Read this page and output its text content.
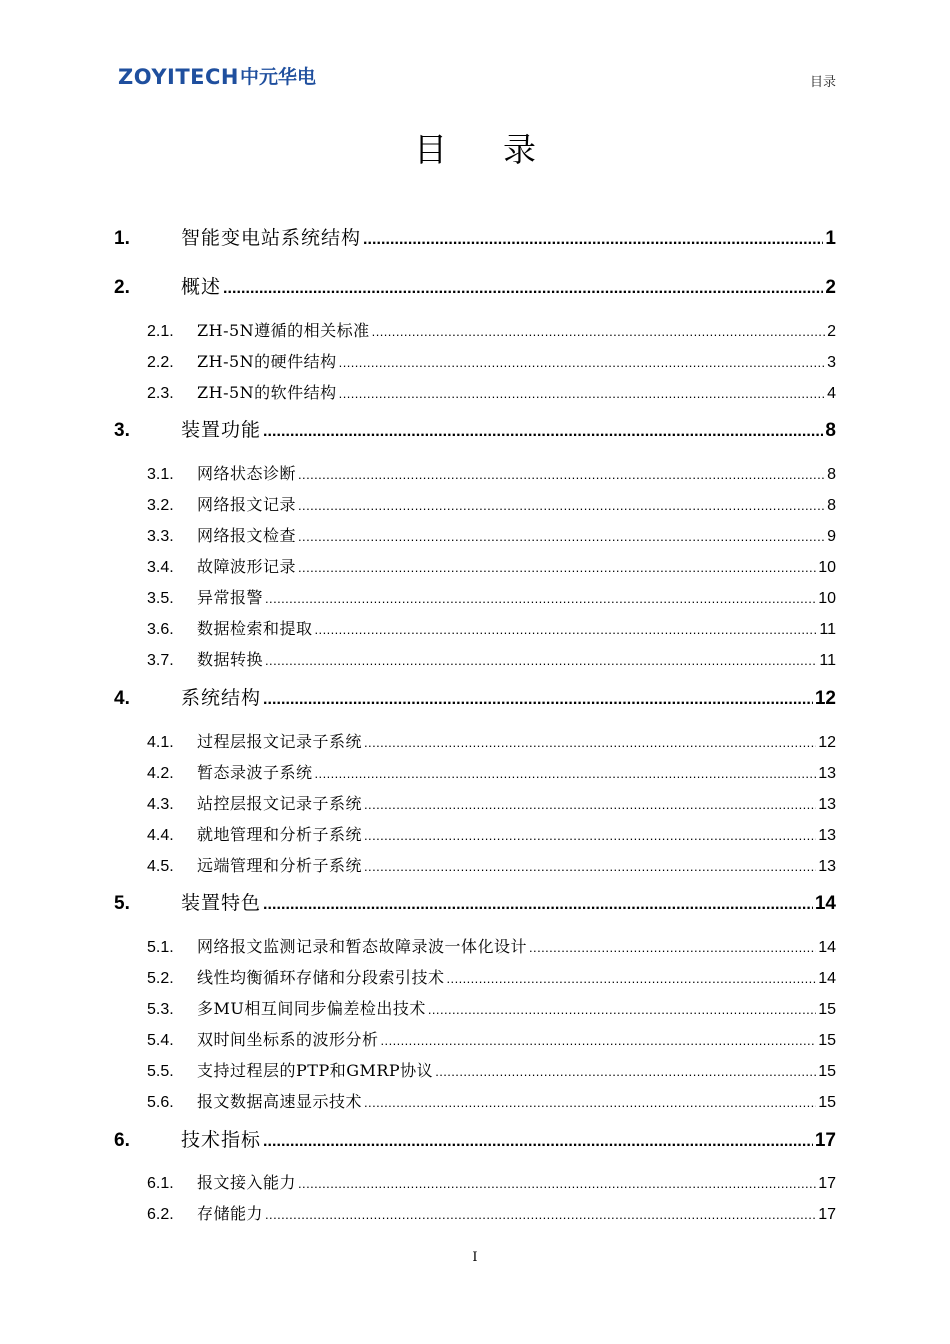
ZOYITECH 中元华电	目录
目 录
1.	智能变电站系统结构 . . .	1
2.	概述 . . .	2
2.1.	ZH-5N遵循的相关标准 . . .	2
2.2.	ZH-5N的硬件结构 . . .	3
2.3.	ZH-5N的软件结构 . . .	4
3.	装置功能 . . .	8
3.1.	网络状态诊断 . . .	8
3.2.	网络报文记录 . . .	8
3.3.	网络报文检查 . . .	9
3.4.	故障波形记录 . . .	10
3.5.	异常报警 . . .	10
3.6.	数据检索和提取 . . .	11
3.7.	数据转换 . . .	11
4.	系统结构 . . .	12
4.1.	过程层报文记录子系统 . . .	12
4.2.	暂态录波子系统 . . .	13
4.3.	站控层报文记录子系统 . . .	13
4.4.	就地管理和分析子系统 . . .	13
4.5.	远端管理和分析子系统 . . .	13
5.	装置特色 . . .	14
5.1.	网络报文监测记录和暂态故障录波一体化设计 . . .	14
5.2.	线性均衡循环存储和分段索引技术 . . .	14
5.3.	多MU相互间同步偏差检出技术 . . .	15
5.4.	双时间坐标系的波形分析 . . .	15
5.5.	支持过程层的PTP和GMRP协议 . . .	15
5.6.	报文数据高速显示技术 . . .	15
6.	技术指标 . . .	17
6.1.	报文接入能力 . . .	17
6.2.	存储能力 . . .	17
I
